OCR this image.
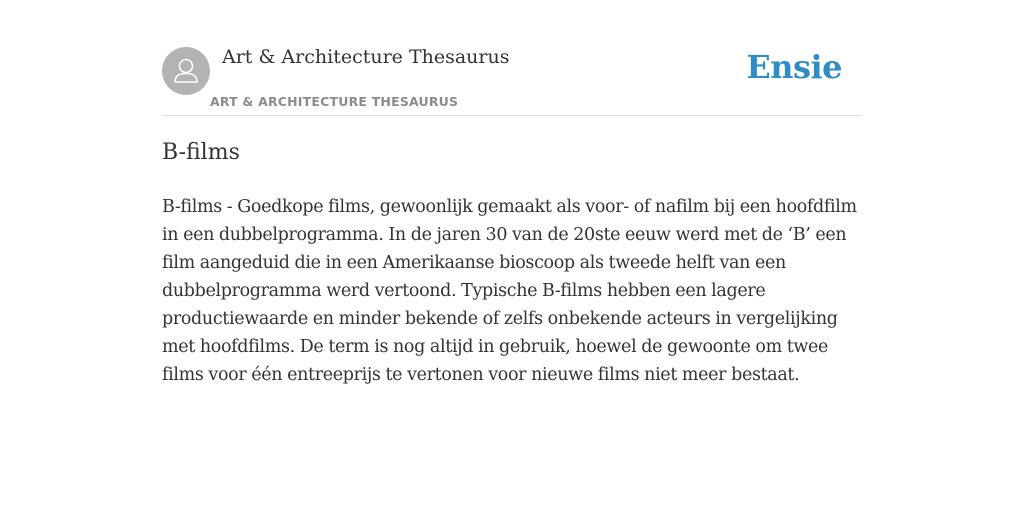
Art & Architecture Thesaurus
ART & ARCHITECTURE THESAURUS
Ensie
B-films

B-films - Goedkope films, gewoonlijk gemaakt als voor- of nafilm bij een hoofdfilm in een dubbelprogramma. In de jaren 30 van de 20ste eeuw werd met de ‘B’ een film aangeduid die in een Amerikaanse bioscoop als tweede helft van een dubbelprogramma werd vertoond. Typische B-films hebben een lagere productiewaarde en minder bekende of zelfs onbekende acteurs in vergelijking met hoofdfilms. De term is nog altijd in gebruik, hoewel de gewoonte om twee films voor één entreeprijs te vertonen voor nieuwe films niet meer bestaat.
